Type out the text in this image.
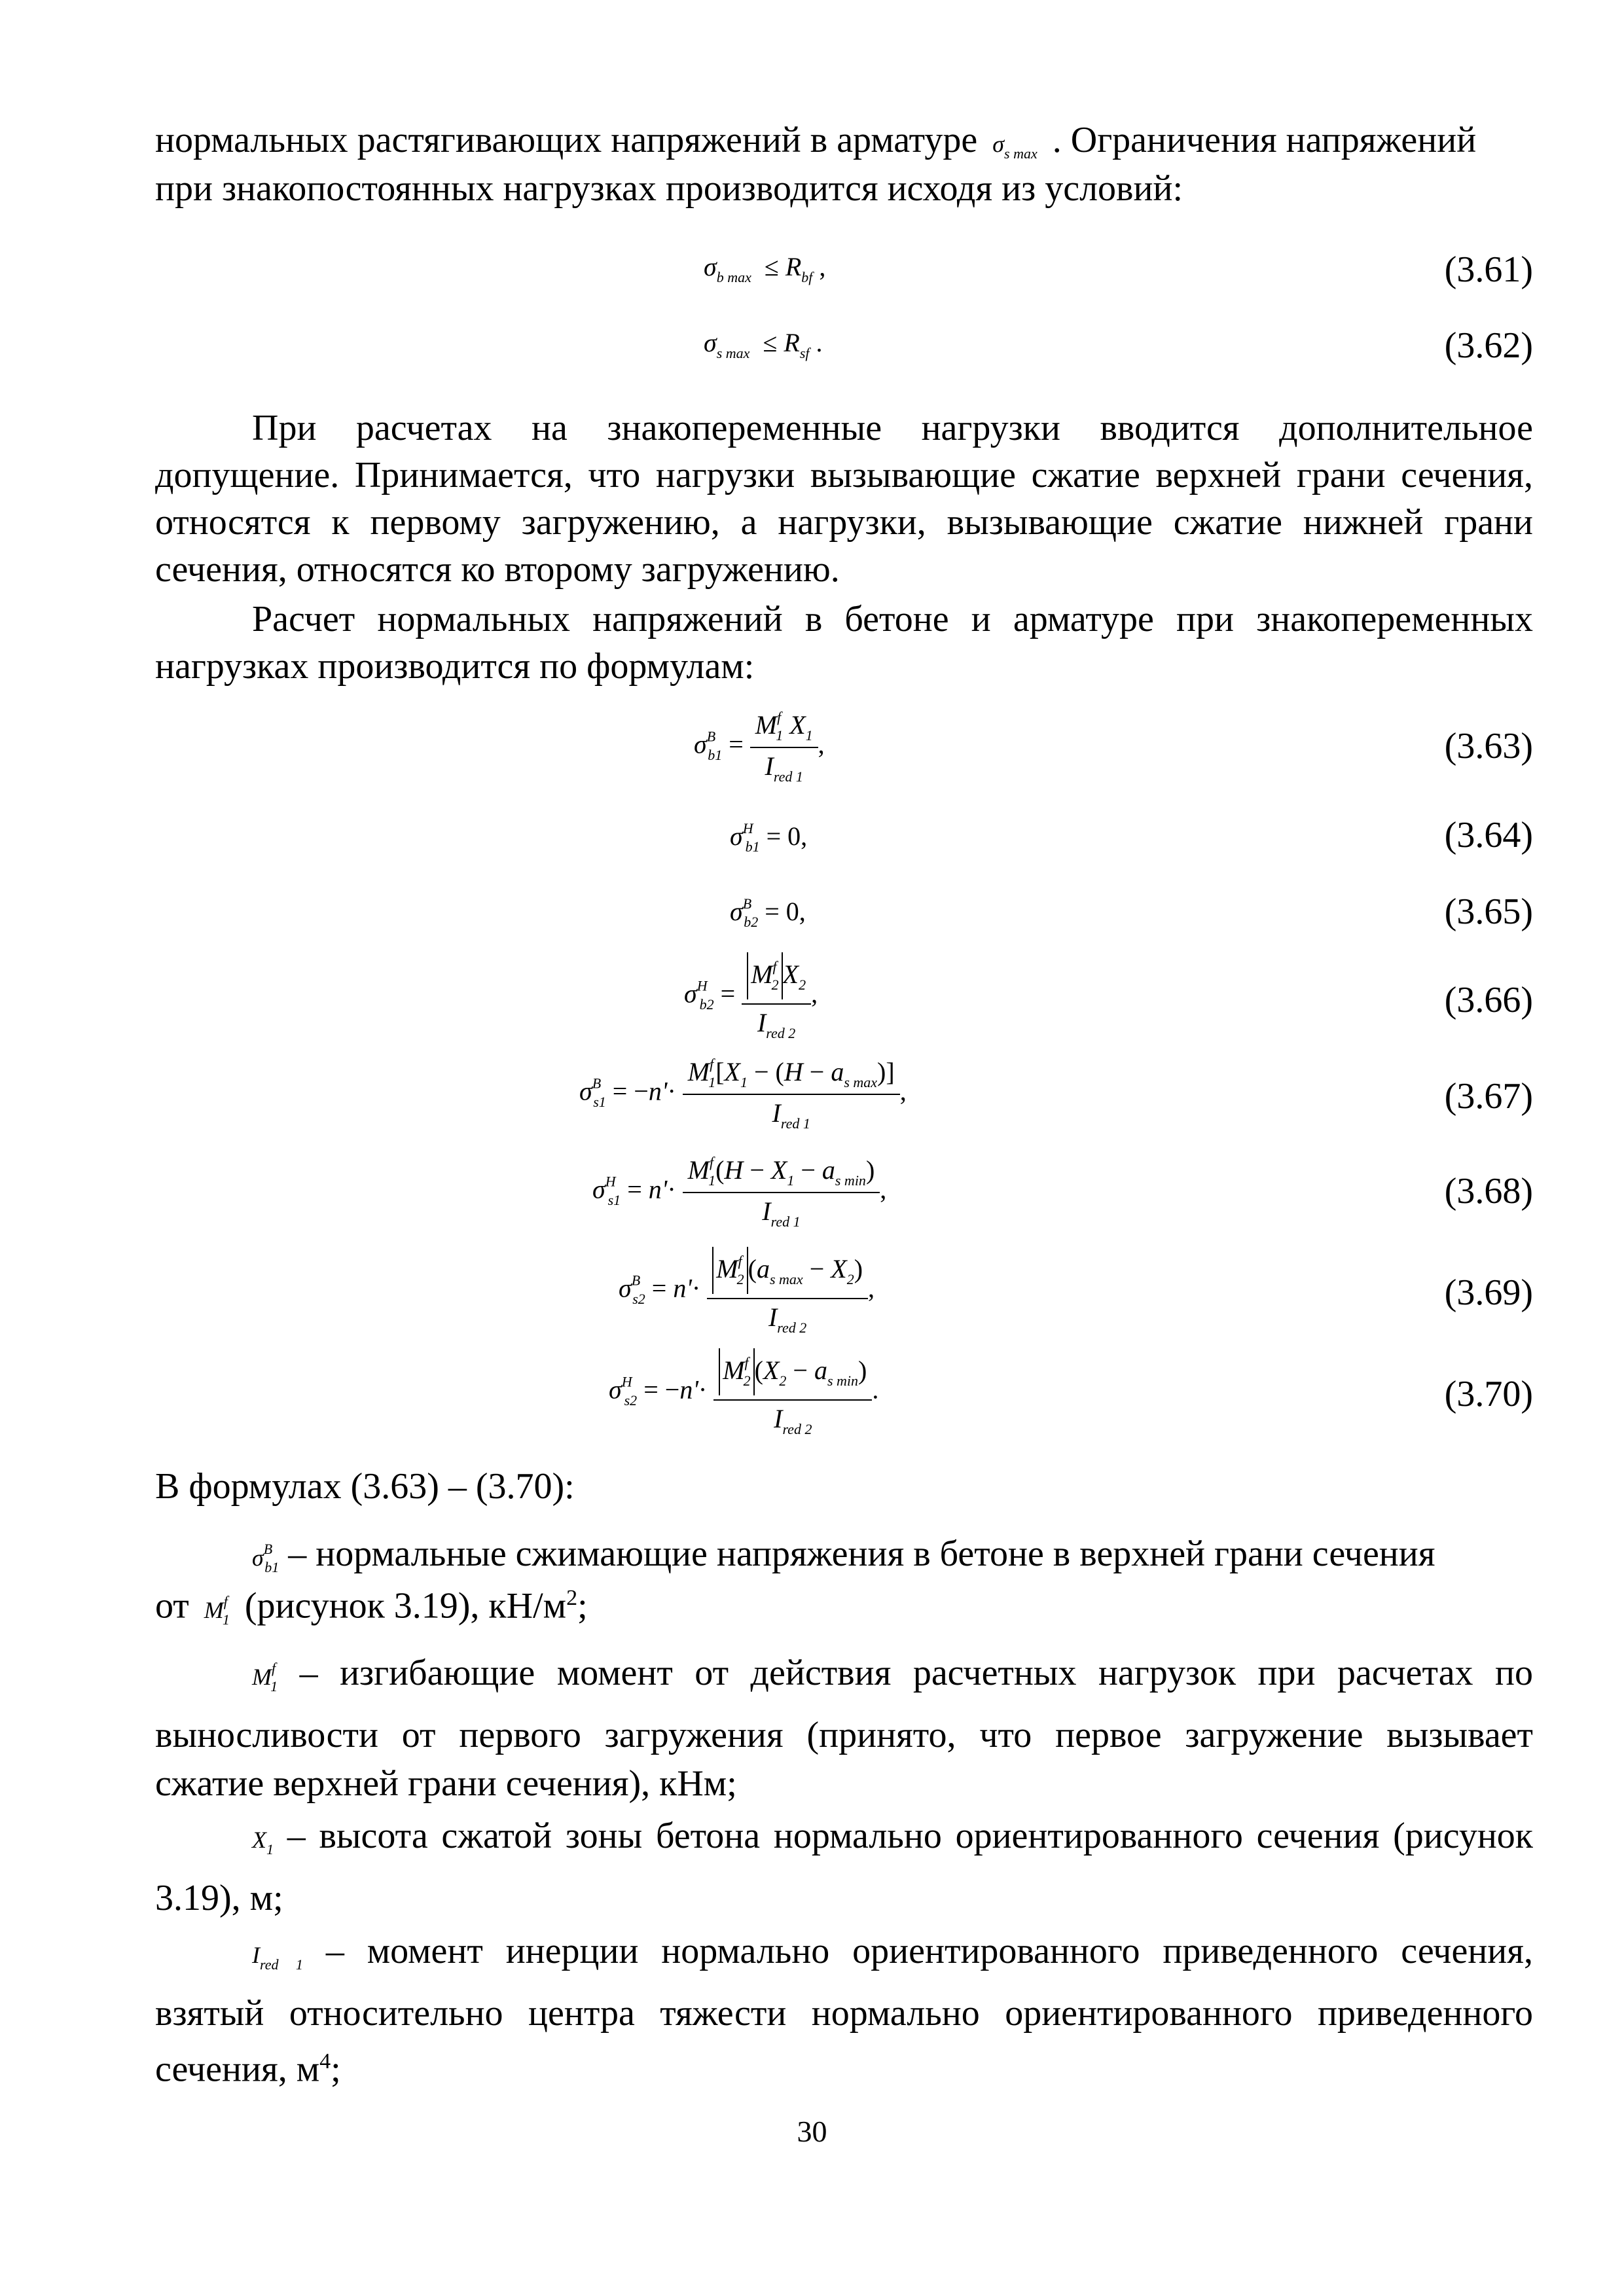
нормальных растягивающих напряжений в арматуре  $\sigma_{s max}$ . Ограничения напряжений
при знакопостоянных нагрузках производится исходя из условий:
$\sigma_{b max} \le R_{bf}$ ,	(3.61)
$\sigma_{s max} \le R_{sf}$ .	(3.62)

При расчетах на знакопеременные нагрузки вводится дополнительное допущение. Принимается, что нагрузки вызывающие сжатие верхней грани сечения, относятся к первому загружению, а нагрузки, вызывающие сжатие нижней грани сечения, относятся ко второму загружению.

Расчет нормальных напряжений в бетоне и арматуре при знакопеременных нагрузках производится по формулам:

$\sigma^B_{b1} = \frac{M^f_1 X_1}{I_{red 1}}$ ,	(3.63)
$\sigma^H_{b1} = 0$,	(3.64)
$\sigma^B_{b2} = 0$,	(3.65)
$\sigma^H_{b2} = \frac{M^f_2 X_2}{I_{red 2}}$ ,	(3.66)
$\sigma^B_{s1} = -n'\cdot \frac{M^f_1[X_1 - (H - a_{s max})]}{I_{red 1}}$ ,	(3.67)
$\sigma^H_{s1} = n'\cdot \frac{M^f_1(H - X_1 - a_{s min})}{I_{red 1}}$ ,	(3.68)
$\sigma^B_{s2} = n'\cdot \frac{M^f_2 (a_{s max} - X_2)}{I_{red 2}}$ ,	(3.69)
$\sigma^H_{s2} = -n'\cdot \frac{M^f_2 (X_2 - a_{s min})}{I_{red 2}}$ .	(3.70)
В формулах (3.63) – (3.70):
$\sigma^B_{b1}$ – нормальные сжимающие напряжения в бетоне в верхней грани сечения
от  $M^f_1$ (рисунок 3.19), $кН/м^2$;
$M^f_1$ – изгибающие момент от действия расчетных нагрузок при расчетах по выносливости от первого загружения (принято, что первое загружение вызывает сжатие верхней грани сечения), кНм;
$X_1$ – высота сжатой зоны бетона нормально ориентированного сечения (рисунок 3.19), м;
$I_{red 1}$ – момент инерции нормально ориентированного приведенного сечения, взятый относительно центра тяжести нормально ориентированного приведенного сечения, $м^4$;
30
